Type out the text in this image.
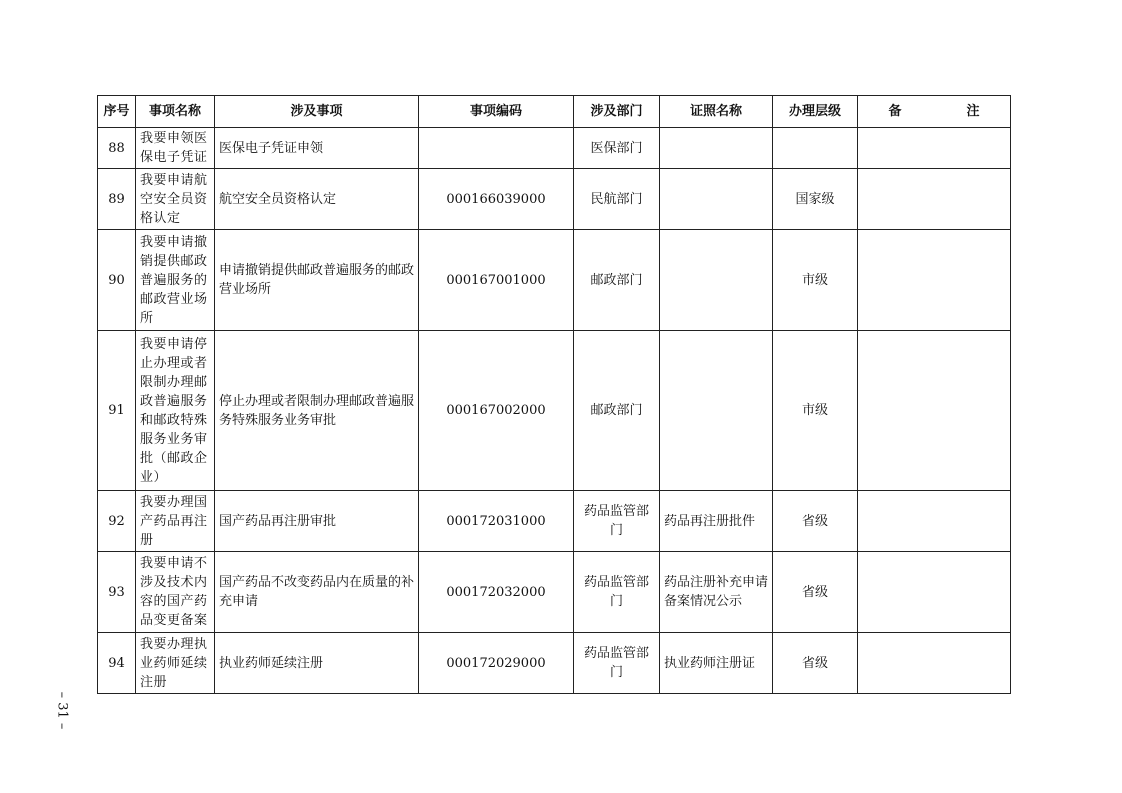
序号	事项名称	涉及事项	事项编码	涉及部门	证照名称	办理层级	备　注
88	我要申领医保电子凭证	医保电子凭证申领		医保部门			
89	我要申请航空安全员资格认定	航空安全员资格认定	000166039000	民航部门		国家级	
90	我要申请撤销提供邮政普遍服务的邮政营业场所	申请撤销提供邮政普遍服务的邮政营业场所	000167001000	邮政部门		市级	
91	我要申请停止办理或者限制办理邮政普遍服务和邮政特殊服务业务审批（邮政企业）	停止办理或者限制办理邮政普遍服务特殊服务业务审批	000167002000	邮政部门		市级	
92	我要办理国产药品再注册	国产药品再注册审批	000172031000	药品监管部门	药品再注册批件	省级	
93	我要申请不涉及技术内容的国产药品变更备案	国产药品不改变药品内在质量的补充申请	000172032000	药品监管部门	药品注册补充申请备案情况公示	省级	
94	我要办理执业药师延续注册	执业药师延续注册	000172029000	药品监管部门	执业药师注册证	省级	
– 31 –
